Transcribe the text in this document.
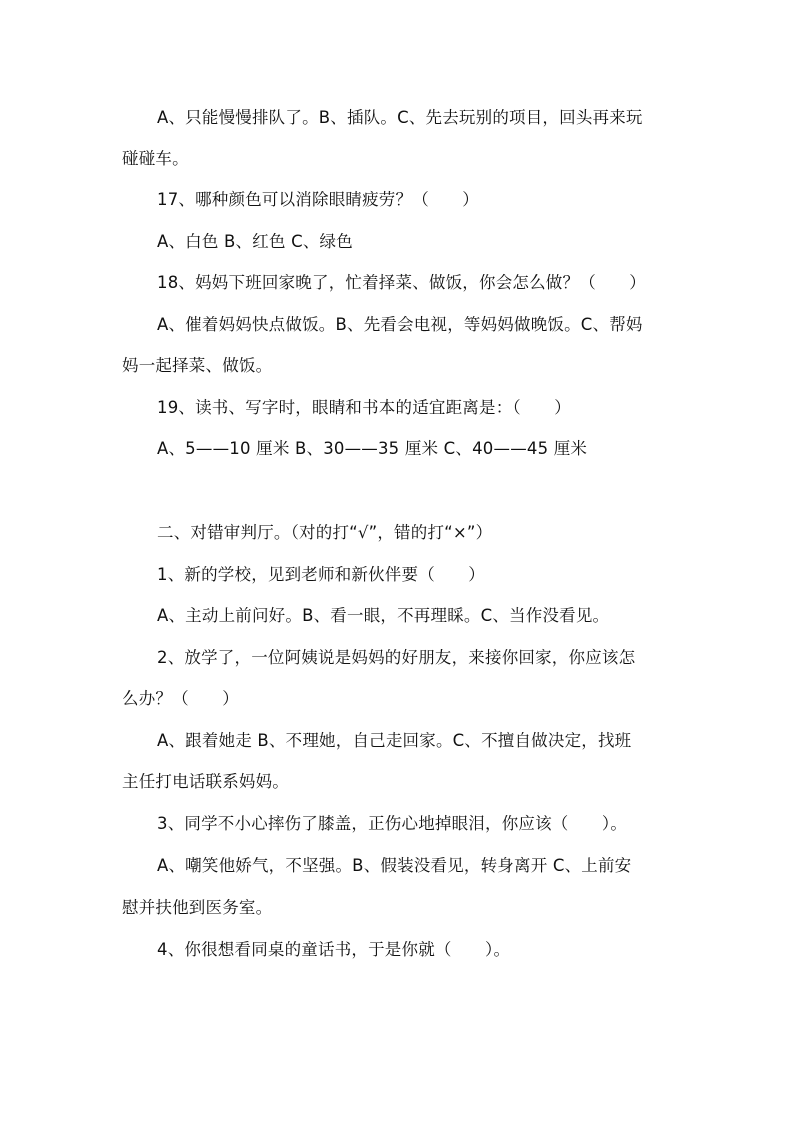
A、只能慢慢排队了。B、插队。C、先去玩别的项目，回头再来玩

碰碰车。

17、哪种颜色可以消除眼睛疲劳？（　　）

A、白色 B、红色 C、绿色

18、妈妈下班回家晚了，忙着择菜、做饭，你会怎么做？（　　）

A、催着妈妈快点做饭。B、先看会电视，等妈妈做晚饭。C、帮妈

妈一起择菜、做饭。

19、读书、写字时，眼睛和书本的适宜距离是：（　　）

A、5——10 厘米 B、30——35 厘米 C、40——45 厘米

二、对错审判厅。（对的打“√”，错的打“×”）

1、新的学校，见到老师和新伙伴要（　　）

A、主动上前问好。B、看一眼，不再理睬。C、当作没看见。

2、放学了，一位阿姨说是妈妈的好朋友，来接你回家，你应该怎

么办？（　　）

A、跟着她走 B、不理她，自己走回家。C、不擅自做决定，找班

主任打电话联系妈妈。

3、同学不小心摔伤了膝盖，正伤心地掉眼泪，你应该（　　）。

A、嘲笑他娇气，不坚强。B、假装没看见，转身离开 C、上前安

慰并扶他到医务室。

4、你很想看同桌的童话书，于是你就（　　）。
